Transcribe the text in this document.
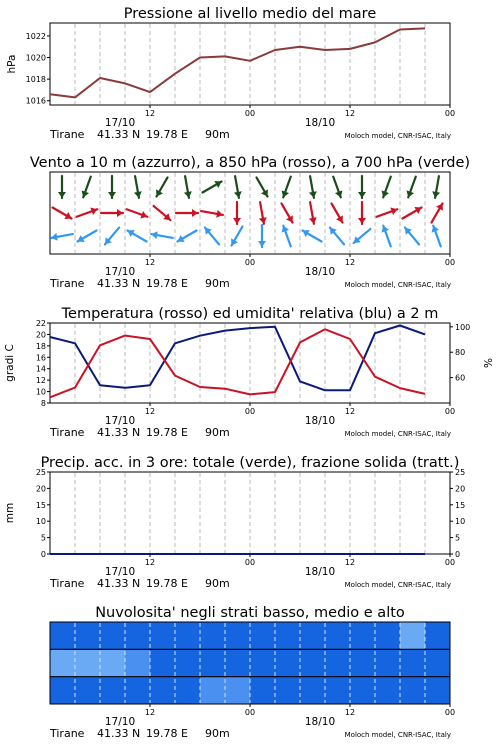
Pressione al livello medio del mare
12	00	12	00
17/10	18/10
Tirane 41.33 N 19.78 E 90m	Moloch model, CNR-ISAC, Italy
1016
1018
1020
1022
hPa
Vento a 10 m (azzurro), a 850 hPa (rosso), a 700 hPa (verde)
12	00	12	00
17/10	18/10
Tirane 41.33 N 19.78 E 90m	Moloch model, CNR-ISAC, Italy
Temperatura (rosso) ed umidita' relativa (blu) a 2 m
12	00	12	00
17/10	18/10
Tirane 41.33 N 19.78 E 90m	Moloch model, CNR-ISAC, Italy
8
10
12
14
16
18
20
22
60
80
100
gradi C	%
Precip. acc. in 3 ore: totale (verde), frazione solida (tratt.)
12	00	12	00
17/10	18/10
Tirane 41.33 N 19.78 E 90m	Moloch model, CNR-ISAC, Italy
0
5
10
15
20
25
0
5
10
15
20
25
mm
Nuvolosita' negli strati basso, medio e alto
12	00	12	00
17/10	18/10
Tirane 41.33 N 19.78 E 90m	Moloch model, CNR-ISAC, Italy
